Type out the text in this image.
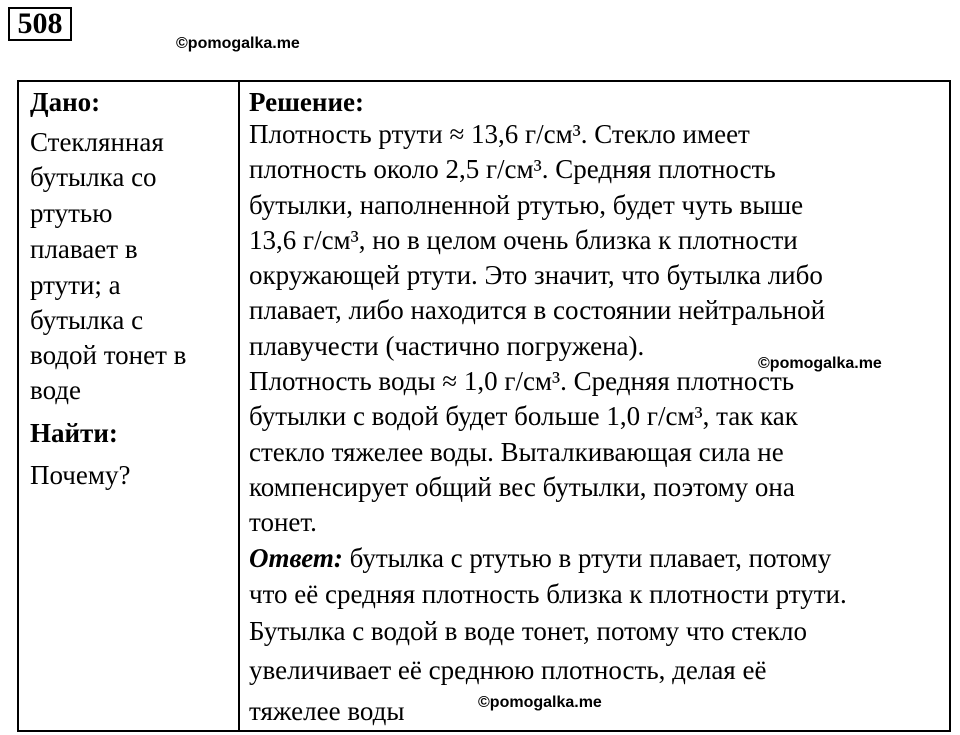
508
©pomogalka.me
Дано:
Стеклянная
бутылка со
ртутью
плавает в
ртути; а
бутылка с
водой тонет в
воде
Найти:
Почему?
Решение:
Плотность ртути ≈ 13,6 г/см³. Стекло имеет
плотность около 2,5 г/см³. Средняя плотность
бутылки, наполненной ртутью, будет чуть выше
13,6 г/см³, но в целом очень близка к плотности
окружающей ртути. Это значит, что бутылка либо
плавает, либо находится в состоянии нейтральной
плавучести (частично погружена).
Плотность воды ≈ 1,0 г/см³. Средняя плотность
бутылки с водой будет больше 1,0 г/см³, так как
стекло тяжелее воды. Выталкивающая сила не
компенсирует общий вес бутылки, поэтому она
тонет.
Ответ: бутылка с ртутью в ртути плавает, потому
что её средняя плотность близка к плотности ртути.
Бутылка с водой в воде тонет, потому что стекло
увеличивает её среднюю плотность, делая её
тяжелее воды
©pomogalka.me
©pomogalka.me
